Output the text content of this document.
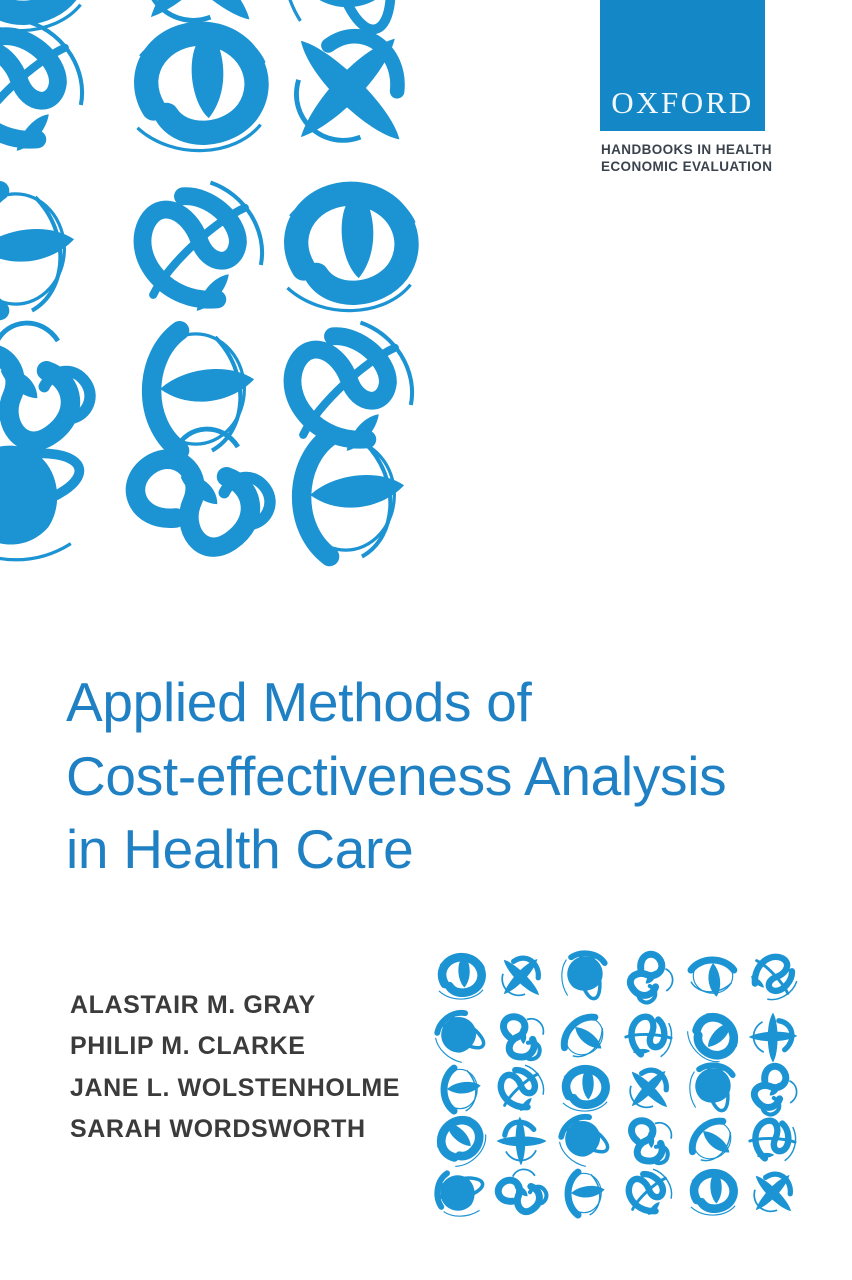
OXFORD
HANDBOOKS IN HEALTH
ECONOMIC EVALUATION
Applied Methods of
Cost-effectiveness Analysis
in Health Care
ALASTAIR M. GRAY
PHILIP M. CLARKE
JANE L. WOLSTENHOLME
SARAH WORDSWORTH
